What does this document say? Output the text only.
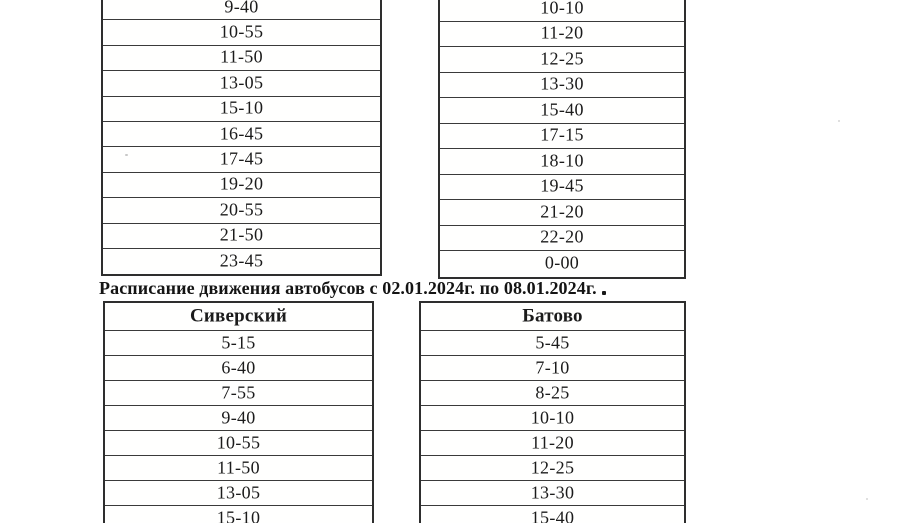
9-40
10-55
11-50
13-05
15-10
16-45
17-45
19-20
20-55
21-50
23-45
10-10
11-20
12-25
13-30
15-40
17-15
18-10
19-45
21-20
22-20
0-00
Расписание движения автобусов с 02.01.2024г. по 08.01.2024г.
Сиверский
5-15
6-40
7-55
9-40
10-55
11-50
13-05
15-10
Батово
5-45
7-10
8-25
10-10
11-20
12-25
13-30
15-40
